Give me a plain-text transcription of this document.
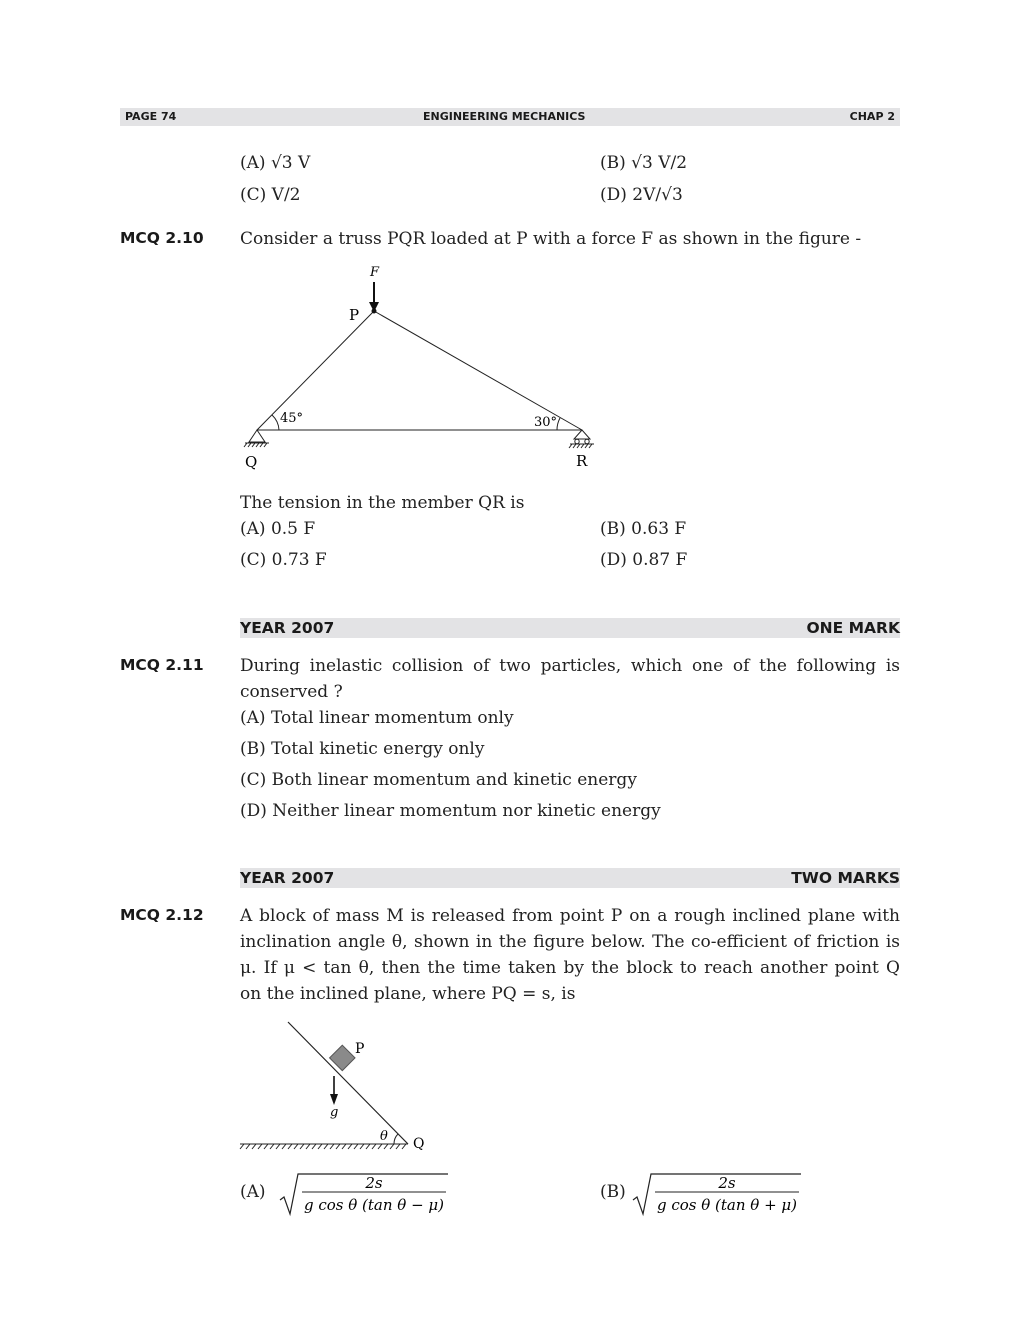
PAGE 74	ENGINEERING MECHANICS	CHAP 2
(A) √3 V	(B) √3 V/2
(C) V/2	(D) 2V/√3
MCQ 2.10 Consider a truss PQR loaded at P with a force F as shown in the figure -
F
P
45°	30°
Q	R
The tension in the member QR is
(A) 0.5 F	(B) 0.63 F
(C) 0.73 F	(D) 0.87 F
YEAR 2007	ONE MARK
MCQ 2.11 During inelastic collision of two particles, which one of the following is
conserved ?
(A) Total linear momentum only
(B) Total kinetic energy only
(C) Both linear momentum and kinetic energy
(D) Neither linear momentum nor kinetic energy
YEAR 2007	TWO MARKS
MCQ 2.12 A block of mass M is released from point P on a rough inclined plane with
inclination angle θ, shown in the figure below. The co-efficient of friction is
μ. If μ < tan θ, then the time taken by the block to reach another point Q
on the inclined plane, where PQ = s, is
P
g
θ Q
(A)	2s
g cos θ (tan θ − μ)
(B)	2s
g cos θ (tan θ + μ)
